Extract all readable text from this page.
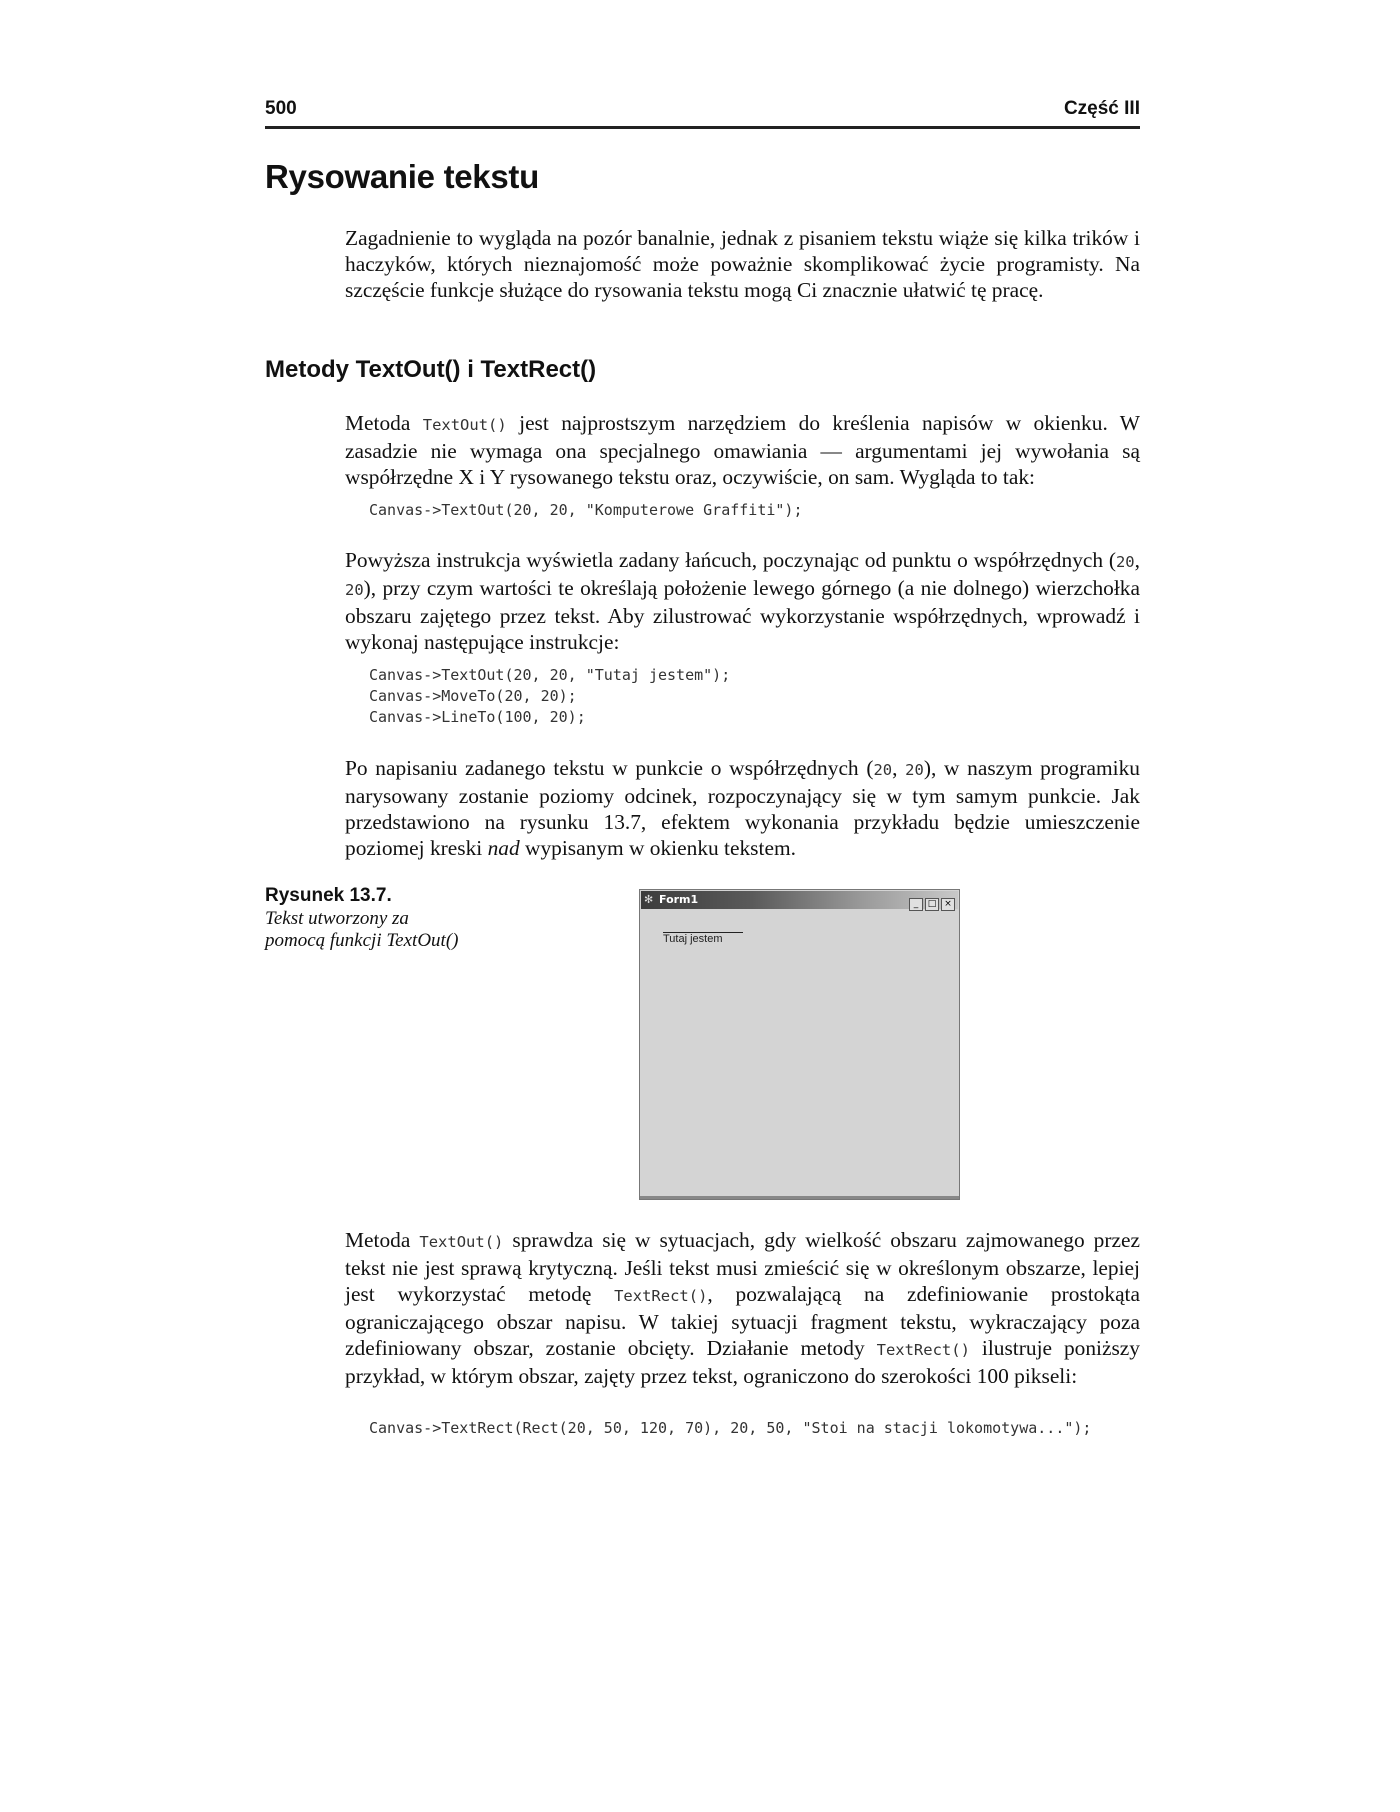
500	Część III
Rysowanie tekstu

Zagadnienie to wygląda na pozór banalnie, jednak z pisaniem tekstu wiąże się kilka trików i haczyków, których nieznajomość może poważnie skomplikować życie programisty. Na szczęście funkcje służące do rysowania tekstu mogą Ci znacznie ułatwić tę pracę.

Metody TextOut() i TextRect()

Metoda TextOut() jest najprostszym narzędziem do kreślenia napisów w okienku. W zasadzie nie wymaga ona specjalnego omawiania — argumentami jej wywołania są współrzędne X i Y rysowanego tekstu oraz, oczywiście, on sam. Wygląda to tak:

Canvas->TextOut(20, 20, "Komputerowe Graffiti");

Powyższa instrukcja wyświetla zadany łańcuch, poczynając od punktu o współrzędnych (20, 20), przy czym wartości te określają położenie lewego górnego (a nie dolnego) wierzchołka obszaru zajętego przez tekst. Aby zilustrować wykorzystanie współrzędnych, wprowadź i wykonaj następujące instrukcje:

Canvas->TextOut(20, 20, "Tutaj jestem");
Canvas->MoveTo(20, 20);
Canvas->LineTo(100, 20);

Po napisaniu zadanego tekstu w punkcie o współrzędnych (20, 20), w naszym programiku narysowany zostanie poziomy odcinek, rozpoczynający się w tym samym punkcie. Jak przedstawiono na rysunku 13.7, efektem wykonania przykładu będzie umieszczenie poziomej kreski nad wypisanym w okienku tekstem.

Rysunek 13.7.
Tekst utworzony za pomocą funkcji TextOut()
✻ Form1	_ □ ×
Tutaj jestem

Metoda TextOut() sprawdza się w sytuacjach, gdy wielkość obszaru zajmowanego przez tekst nie jest sprawą krytyczną. Jeśli tekst musi zmieścić się w określonym obszarze, lepiej jest wykorzystać metodę TextRect(), pozwalającą na zdefiniowanie prostokąta ograniczającego obszar napisu. W takiej sytuacji fragment tekstu, wykraczający poza zdefiniowany obszar, zostanie obcięty. Działanie metody TextRect() ilustruje poniższy przykład, w którym obszar, zajęty przez tekst, ograniczono do szerokości 100 pikseli:

Canvas->TextRect(Rect(20, 50, 120, 70), 20, 50, "Stoi na stacji lokomotywa...");
